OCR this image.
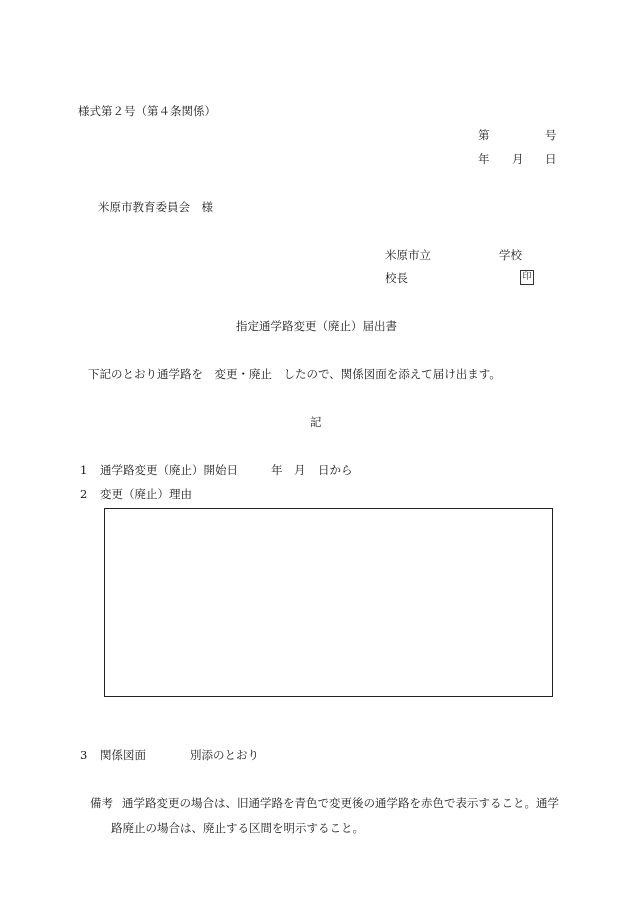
様式第２号（第４条関係）
第	号
年 月 日
米原市教育委員会　様
米原市立	学校
校長	印
指定通学路変更（廃止）届出書
下記のとおり通学路を　変更・廃止　したので、関係図面を添えて届け出ます。
記
1 通学路変更（廃止）開始日	年 月 日から
2 変更（廃止）理由
3 関係図面	別添のとおり
備考 通学路変更の場合は、旧通学路を青色で変更後の通学路を赤色で表示すること。通学
路廃止の場合は、廃止する区間を明示すること。
